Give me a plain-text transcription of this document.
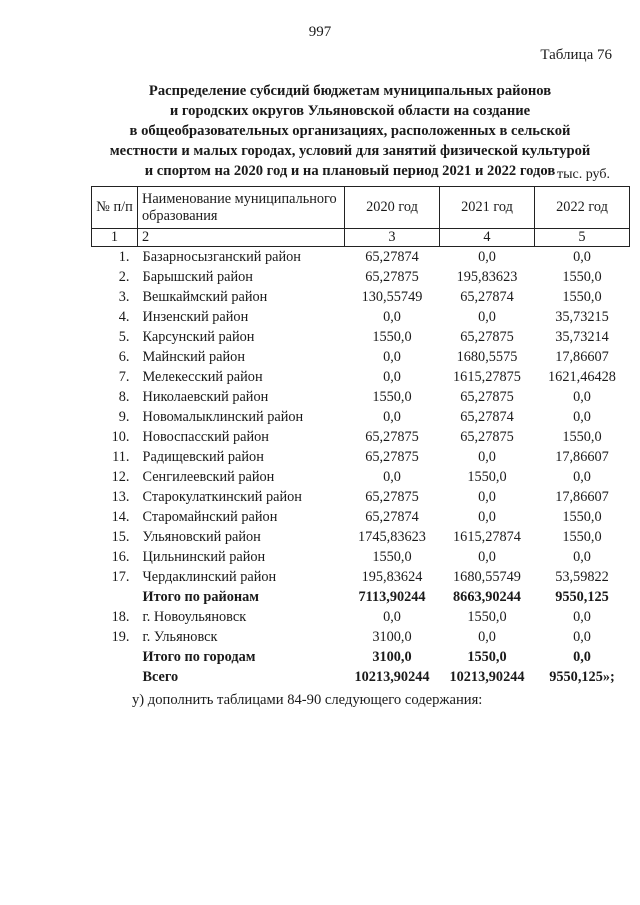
997
Таблица 76
Распределение субсидий бюджетам муниципальных районов
и городских округов Ульяновской области на создание
в общеобразовательных организациях, расположенных в сельской
местности и малых городах, условий для занятий физической культурой
и спортом на 2020 год и на плановый период 2021 и 2022 годов тыс. руб.
№ п/п	Наименование муниципального образования	2020 год	2021 год	2022 год
1	2	3	4	5
1.	Базарносызганский район	65,27874	0,0	0,0
2.	Барышский район	65,27875	195,83623	1550,0
3.	Вешкаймский район	130,55749	65,27874	1550,0
4.	Инзенский район	0,0	0,0	35,73215
5.	Карсунский район	1550,0	65,27875	35,73214
6.	Майнский район	0,0	1680,5575	17,86607
7.	Мелекесский район	0,0	1615,27875	1621,46428
8.	Николаевский район	1550,0	65,27875	0,0
9.	Новомалыклинский район	0,0	65,27874	0,0
10.	Новоспасский район	65,27875	65,27875	1550,0
11.	Радищевский район	65,27875	0,0	17,86607
12.	Сенгилеевский район	0,0	1550,0	0,0
13.	Старокулаткинский район	65,27875	0,0	17,86607
14.	Старомайнский район	65,27874	0,0	1550,0
15.	Ульяновский район	1745,83623	1615,27874	1550,0
16.	Цильнинский район	1550,0	0,0	0,0
17.	Чердаклинский район	195,83624	1680,55749	53,59822
	Итого по районам	7113,90244	8663,90244	9550,125
18.	г. Новоульяновск	0,0	1550,0	0,0
19.	г. Ульяновск	3100,0	0,0	0,0
	Итого по городам	3100,0	1550,0	0,0
	Всего	10213,90244	10213,90244	9550,125»;
у) дополнить таблицами 84-90 следующего содержания:
